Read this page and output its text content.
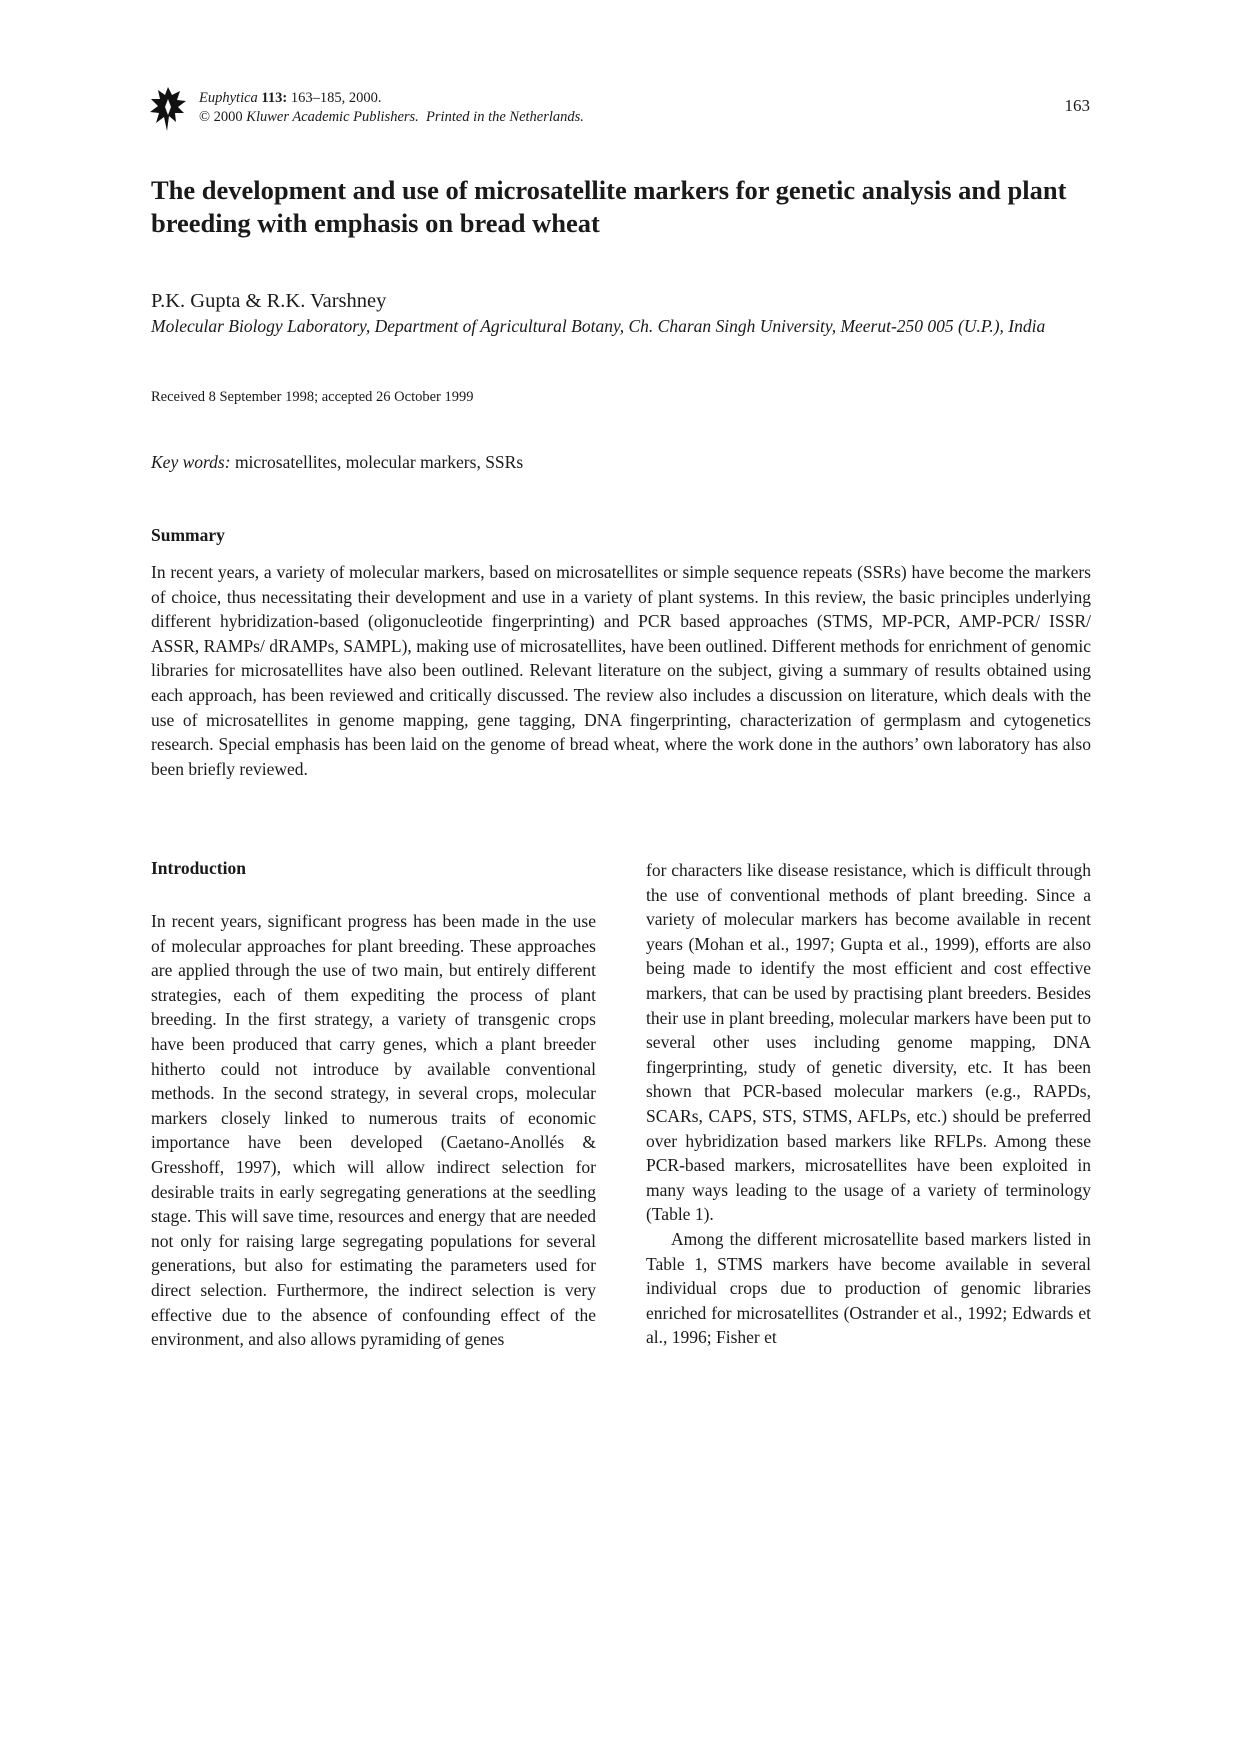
Euphytica 113: 163–185, 2000.
© 2000 Kluwer Academic Publishers. Printed in the Netherlands.
163
The development and use of microsatellite markers for genetic analysis and plant breeding with emphasis on bread wheat
P.K. Gupta & R.K. Varshney
Molecular Biology Laboratory, Department of Agricultural Botany, Ch. Charan Singh University, Meerut-250 005 (U.P.), India
Received 8 September 1998; accepted 26 October 1999
Key words: microsatellites, molecular markers, SSRs
Summary
In recent years, a variety of molecular markers, based on microsatellites or simple sequence repeats (SSRs) have become the markers of choice, thus necessitating their development and use in a variety of plant systems. In this review, the basic principles underlying different hybridization-based (oligonucleotide fingerprinting) and PCR based approaches (STMS, MP-PCR, AMP-PCR/ ISSR/ ASSR, RAMPs/ dRAMPs, SAMPL), making use of microsatellites, have been outlined. Different methods for enrichment of genomic libraries for microsatellites have also been outlined. Relevant literature on the subject, giving a summary of results obtained using each approach, has been reviewed and critically discussed. The review also includes a discussion on literature, which deals with the use of microsatellites in genome mapping, gene tagging, DNA fingerprinting, characterization of germplasm and cytogenetics research. Special emphasis has been laid on the genome of bread wheat, where the work done in the authors’ own laboratory has also been briefly reviewed.
Introduction

In recent years, significant progress has been made in the use of molecular approaches for plant breeding. These approaches are applied through the use of two main, but entirely different strategies, each of them expediting the process of plant breeding. In the first strategy, a variety of transgenic crops have been produced that carry genes, which a plant breeder hitherto could not introduce by available conventional methods. In the second strategy, in several crops, molecular markers closely linked to numerous traits of economic importance have been developed (Caetano-Anollés & Gresshoff, 1997), which will allow indirect selection for desirable traits in early segregating generations at the seedling stage. This will save time, resources and energy that are needed not only for raising large segregating populations for several generations, but also for estimating the parameters used for direct selection. Furthermore, the indirect selection is very effective due to the absence of confounding effect of the environment, and also allows pyramiding of genes

for characters like disease resistance, which is difficult through the use of conventional methods of plant breeding. Since a variety of molecular markers has become available in recent years (Mohan et al., 1997; Gupta et al., 1999), efforts are also being made to identify the most efficient and cost effective markers, that can be used by practising plant breeders. Besides their use in plant breeding, molecular markers have been put to several other uses including genome mapping, DNA fingerprinting, study of genetic diversity, etc. It has been shown that PCR-based molecular markers (e.g., RAPDs, SCARs, CAPS, STS, STMS, AFLPs, etc.) should be preferred over hybridization based markers like RFLPs. Among these PCR-based markers, microsatellites have been exploited in many ways leading to the usage of a variety of terminology (Table 1).

Among the different microsatellite based markers listed in Table 1, STMS markers have become available in several individual crops due to production of genomic libraries enriched for microsatellites (Ostrander et al., 1992; Edwards et al., 1996; Fisher et
